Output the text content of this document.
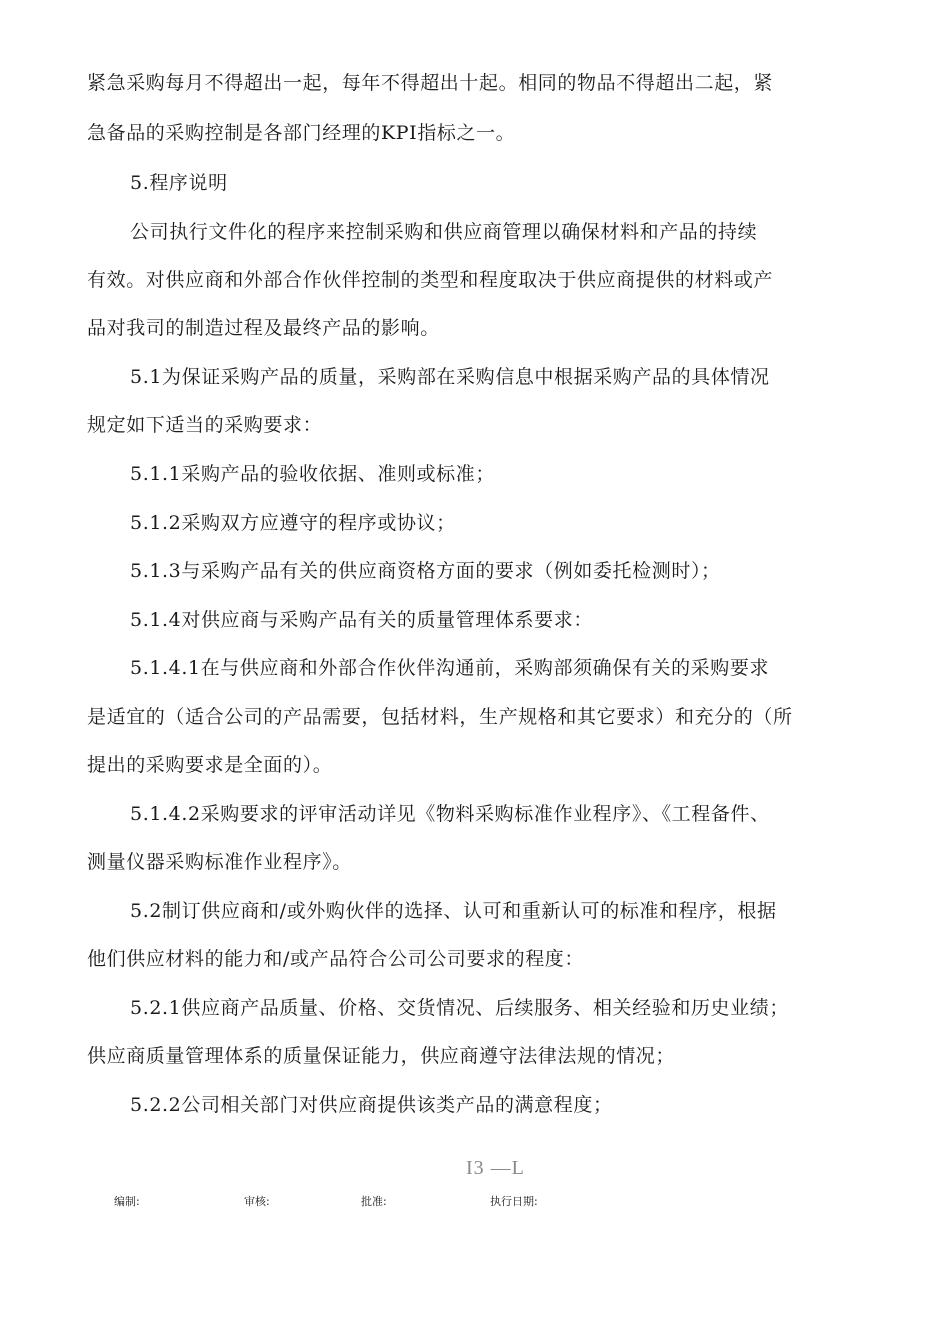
紧急采购每月不得超出一起，每年不得超出十起。相同的物品不得超出二起，紧
急备品的采购控制是各部门经理的KPI指标之一。
5.程序说明
公司执行文件化的程序来控制采购和供应商管理以确保材料和产品的持续
有效。对供应商和外部合作伙伴控制的类型和程度取决于供应商提供的材料或产
品对我司的制造过程及最终产品的影响。
5.1为保证采购产品的质量，采购部在采购信息中根据采购产品的具体情况
规定如下适当的采购要求：
5.1.1采购产品的验收依据、准则或标准；
5.1.2采购双方应遵守的程序或协议；
5.1.3与采购产品有关的供应商资格方面的要求（例如委托检测时）；
5.1.4对供应商与采购产品有关的质量管理体系要求：
5.1.4.1在与供应商和外部合作伙伴沟通前，采购部须确保有关的采购要求
是适宜的（适合公司的产品需要，包括材料，生产规格和其它要求）和充分的（所
提出的采购要求是全面的）。
5.1.4.2采购要求的评审活动详见《物料采购标准作业程序》、《工程备件、
测量仪器采购标准作业程序》。
5.2制订供应商和/或外购伙伴的选择、认可和重新认可的标准和程序，根据
他们供应材料的能力和/或产品符合公司公司要求的程度：
5.2.1供应商产品质量、价格、交货情况、后续服务、相关经验和历史业绩；
供应商质量管理体系的质量保证能力，供应商遵守法律法规的情况；
5.2.2公司相关部门对供应商提供该类产品的满意程度；
I3 —L
编制:	审核:	批准:	执行日期:
